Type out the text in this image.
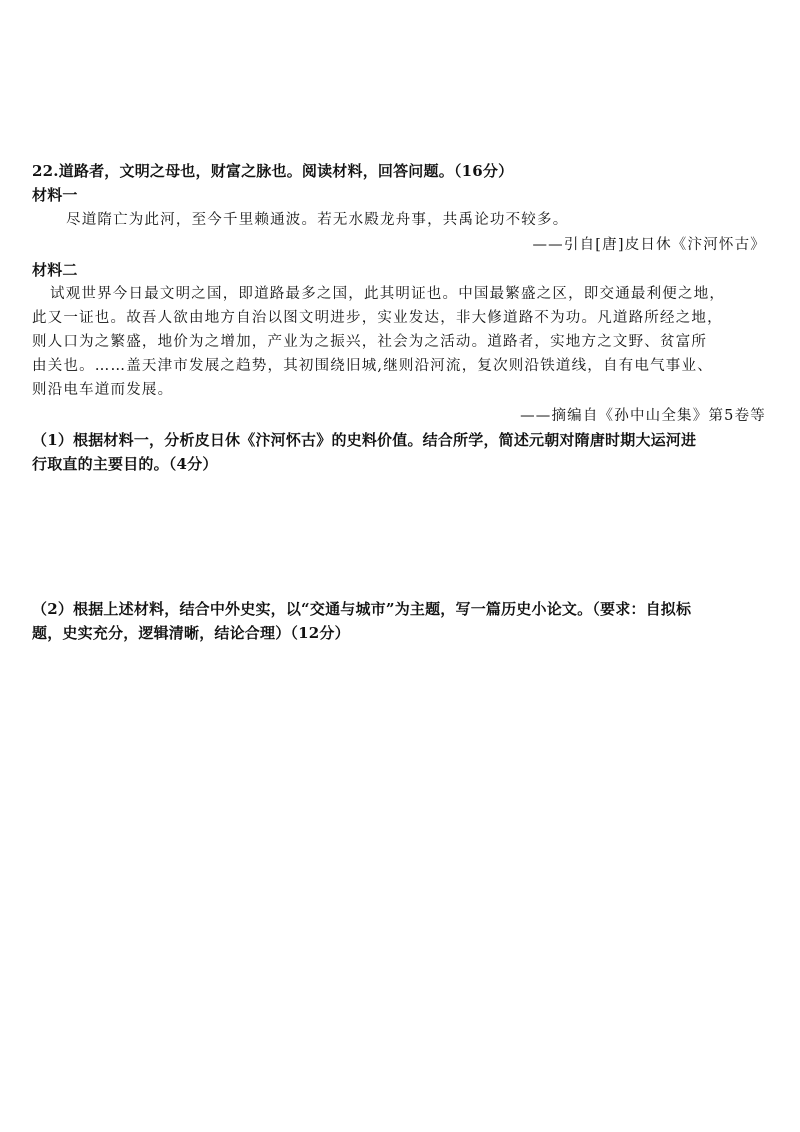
22.道路者，文明之母也，财富之脉也。阅读材料，回答问题。（16分）
材料一
尽道隋亡为此河，至今千里赖通波。若无水殿龙舟事，共禹论功不较多。
——引自[唐]皮日休《汴河怀古》
材料二
试观世界今日最文明之国，即道路最多之国，此其明证也。中国最繁盛之区，即交通最利便之地，
此又一证也。故吾人欲由地方自治以图文明进步，实业发达，非大修道路不为功。凡道路所经之地，
则人口为之繁盛，地价为之增加，产业为之振兴，社会为之活动。道路者，实地方之文野、贫富所
由关也。……盖天津市发展之趋势，其初围绕旧城,继则沿河流，复次则沿铁道线，自有电气事业、
则沿电车道而发展。
——摘编自《孙中山全集》第5卷等
（1）根据材料一，分析皮日休《汴河怀古》的史料价值。结合所学，简述元朝对隋唐时期大运河进
行取直的主要目的。（4分）
（2）根据上述材料，结合中外史实，以“交通与城市”为主题，写一篇历史小论文。（要求：自拟标
题，史实充分，逻辑清晰，结论合理）（12分）
